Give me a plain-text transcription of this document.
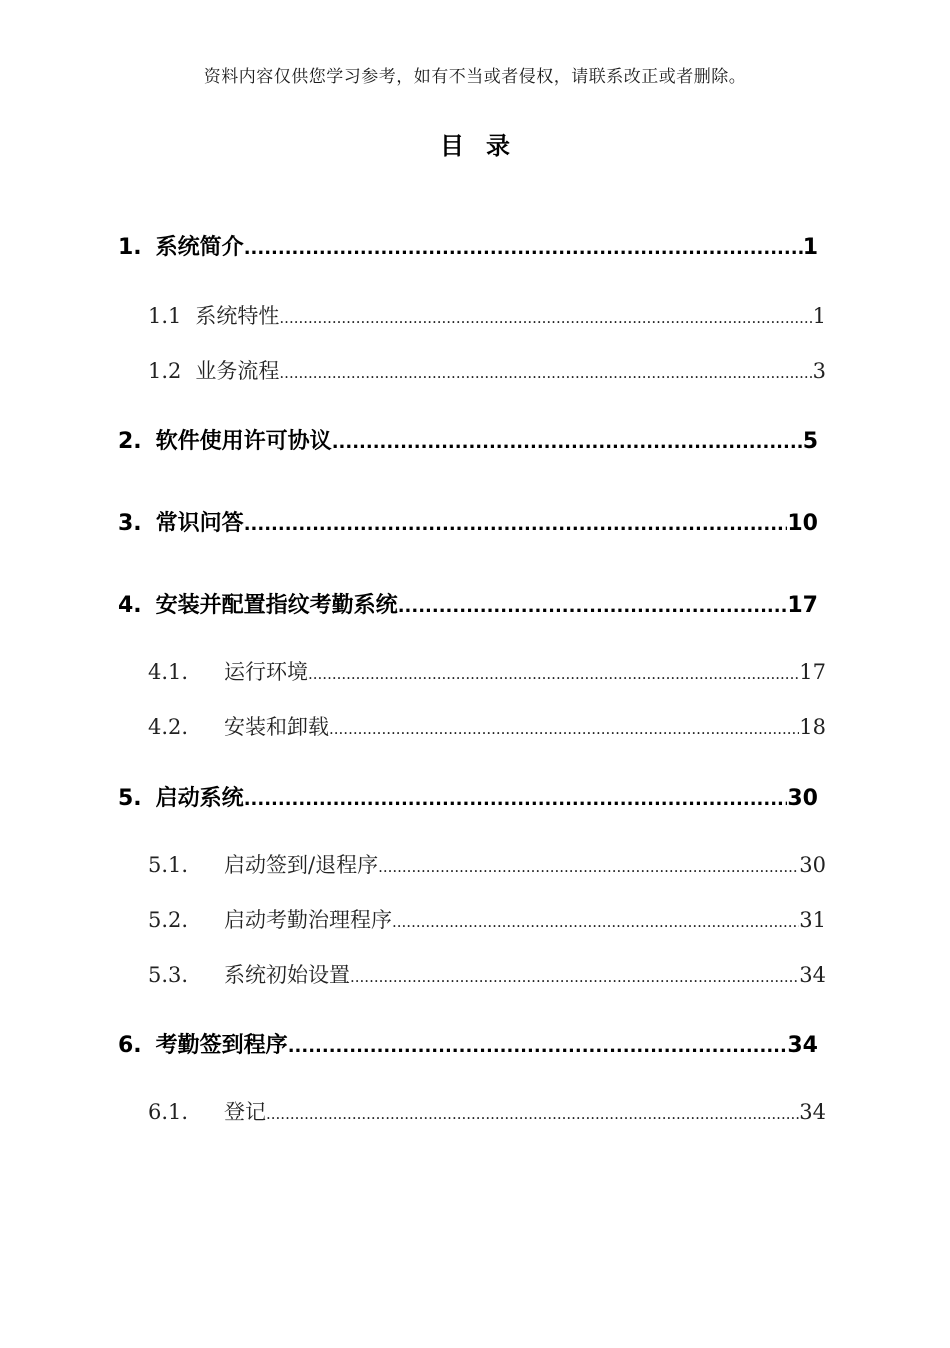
资料内容仅供您学习参考，如有不当或者侵权，请联系改正或者删除。
目 录
1. 系统简介 .....	1
1.1 系统特性 .....	1
1.2 业务流程 .....	3
2. 软件使用许可协议 .....	5
3. 常识问答 .....	10
4. 安装并配置指纹考勤系统 .....	17
4.1.	运行环境 .....	17
4.2.	安装和卸载 .....	18
5. 启动系统 .....	30
5.1.	启动签到/退程序 .....	30
5.2.	启动考勤治理程序 .....	31
5.3.	系统初始设置 .....	34
6. 考勤签到程序 .....	34
6.1.	登记 .....	34
